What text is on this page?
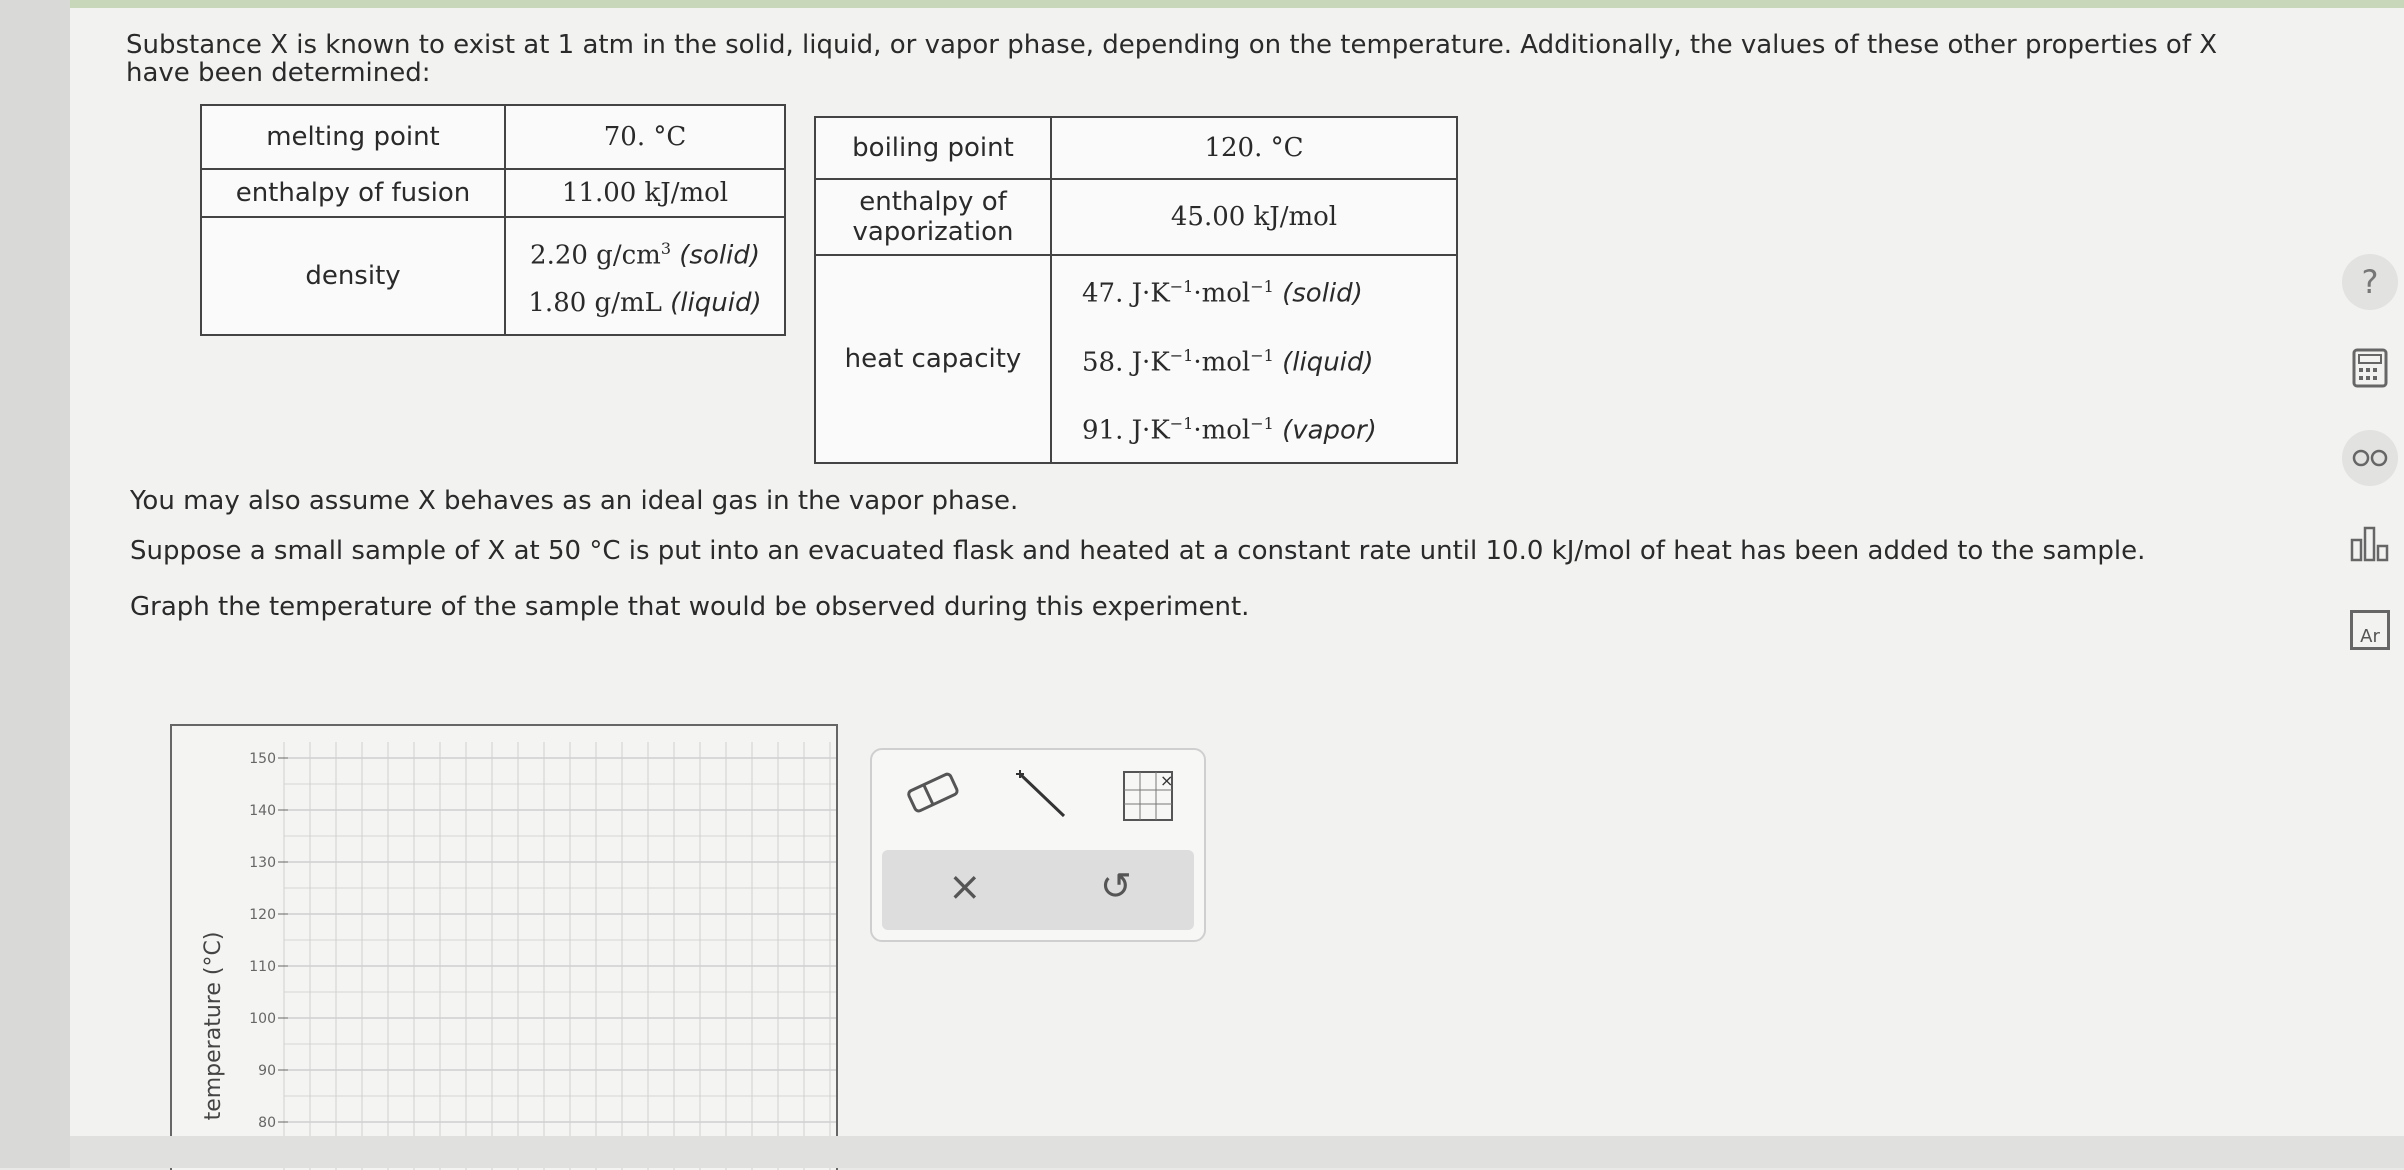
Substance X is known to exist at 1 atm in the solid, liquid, or vapor phase, depending on the temperature. Additionally, the values of these other properties of X
have been determined:
melting point	70. °C
enthalpy of fusion	11.00 kJ/mol
density	2.20 $g/cm^3$ (solid)
1.80 g/mL (liquid)
boiling point	120. °C

enthalpy of
vaporization	45.00 kJ/mol
heat capacity	47. $J\cdot K^{-1}\cdot mol^{-1}$ (solid)
58. $J\cdot K^{-1}\cdot mol^{-1}$ (liquid)
91. $J\cdot K^{-1}\cdot mol^{-1}$ (vapor)
You may also assume X behaves as an ideal gas in the vapor phase.
Suppose a small sample of X at 50 °C is put into an evacuated flask and heated at a constant rate until 10.0 kJ/mol of heat has been added to the sample.
Graph the temperature of the sample that would be observed during this experiment.
150
140
130
120
110
100
90
80
temperature (°C)
×
×	↺
?
Ar
